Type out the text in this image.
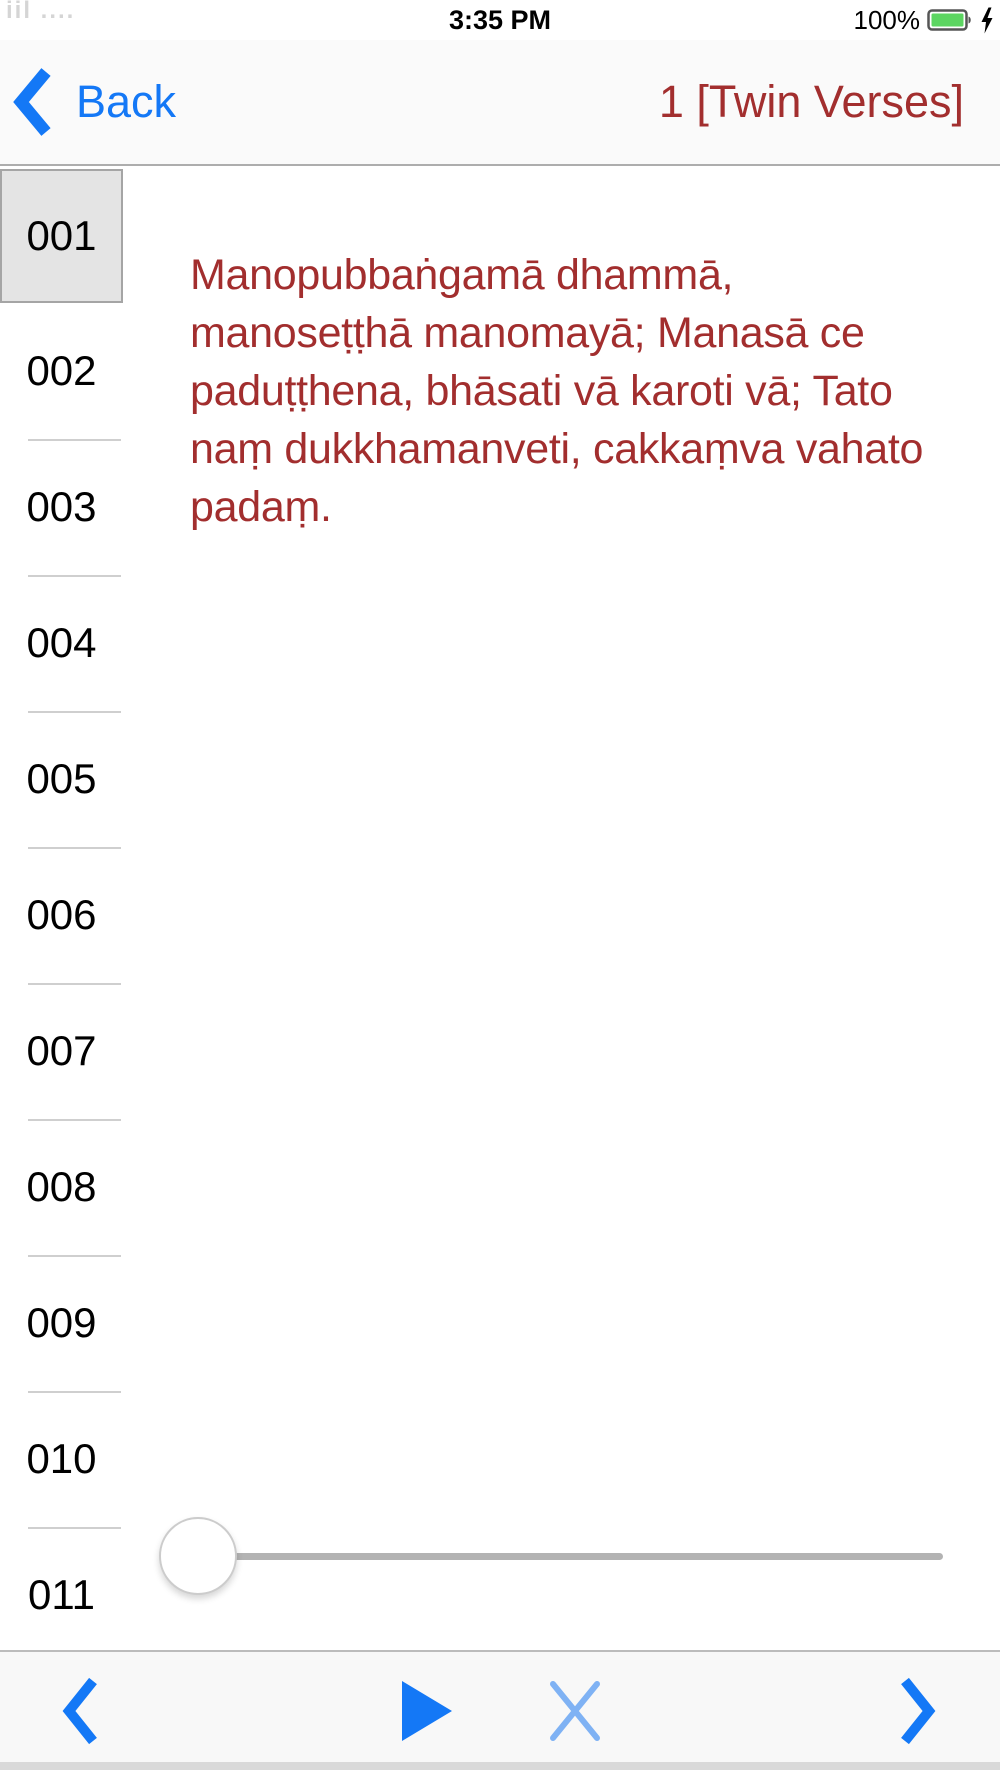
iil ....	3:35 PM	100%
Back	1 [Twin Verses]
001
002
003
004
005
006
007
008
009
010
011
Manopubbaṅgamā dhammā,
manoseṭṭhā manomayā; Manasā ce
paduṭṭhena, bhāsati vā karoti vā; Tato
naṃ dukkhamanveti, cakkaṃva vahato
padaṃ.
